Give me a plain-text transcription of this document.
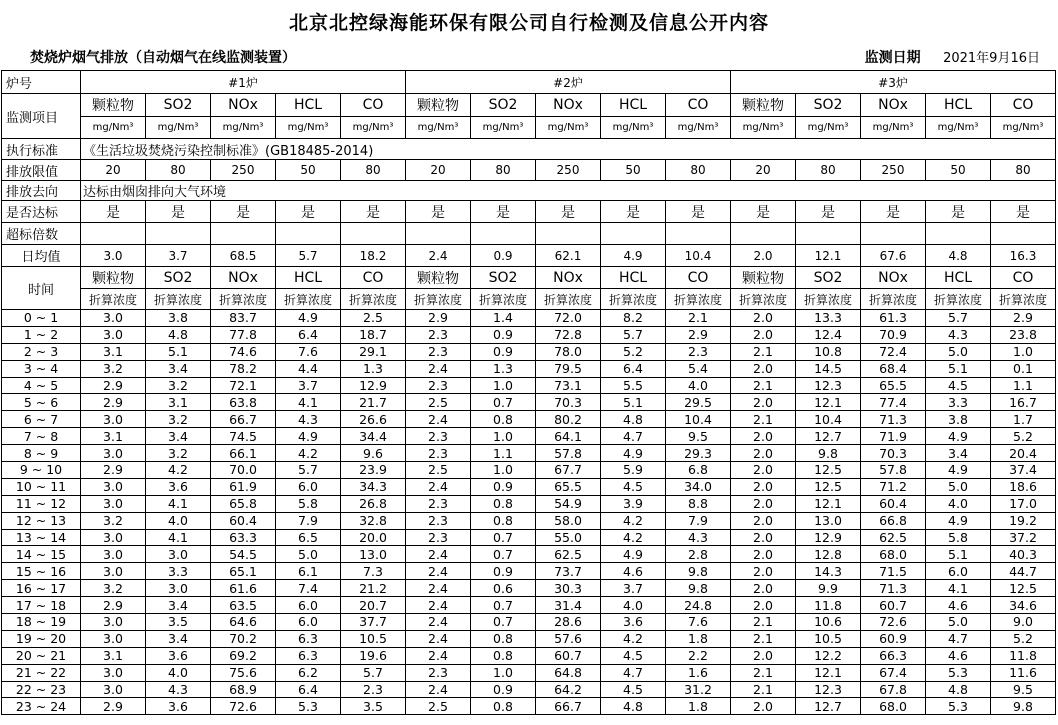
北京北控绿海能环保有限公司自行检测及信息公开内容
焚烧炉烟气排放（自动烟气在线监测装置）	监测日期 2021年9月16日
炉号	#1炉					#2炉					#3炉				
监测项目	颗粒物	SO2	NOx	HCL	CO	颗粒物	SO2	NOx	HCL	CO	颗粒物	SO2	NOx	HCL	CO
	mg/Nm³	mg/Nm³	mg/Nm³	mg/Nm³	mg/Nm³	mg/Nm³	mg/Nm³	mg/Nm³	mg/Nm³	mg/Nm³	mg/Nm³	mg/Nm³	mg/Nm³	mg/Nm³	mg/Nm³
执行标准	《生活垃圾焚烧污染控制标准》(GB18485-2014)														
排放限值	20	80	250	50	80	20	80	250	50	80	20	80	250	50	80
排放去向	达标由烟囱排向大气环境														
是否达标	是	是	是	是	是	是	是	是	是	是	是	是	是	是	是
超标倍数															
日均值	3.0	3.7	68.5	5.7	18.2	2.4	0.9	62.1	4.9	10.4	2.0	12.1	67.6	4.8	16.3
时间	颗粒物	SO2	NOx	HCL	CO	颗粒物	SO2	NOx	HCL	CO	颗粒物	SO2	NOx	HCL	CO
	折算浓度	折算浓度	折算浓度	折算浓度	折算浓度	折算浓度	折算浓度	折算浓度	折算浓度	折算浓度	折算浓度	折算浓度	折算浓度	折算浓度	折算浓度
0 ~ 1	3.0	3.8	83.7	4.9	2.5	2.9	1.4	72.0	8.2	2.1	2.0	13.3	61.3	5.7	2.9
1 ~ 2	3.0	4.8	77.8	6.4	18.7	2.3	0.9	72.8	5.7	2.9	2.0	12.4	70.9	4.3	23.8
2 ~ 3	3.1	5.1	74.6	7.6	29.1	2.3	0.9	78.0	5.2	2.3	2.1	10.8	72.4	5.0	1.0
3 ~ 4	3.2	3.4	78.2	4.4	1.3	2.4	1.3	79.5	6.4	5.4	2.0	14.5	68.4	5.1	0.1
4 ~ 5	2.9	3.2	72.1	3.7	12.9	2.3	1.0	73.1	5.5	4.0	2.1	12.3	65.5	4.5	1.1
5 ~ 6	2.9	3.1	63.8	4.1	21.7	2.5	0.7	70.3	5.1	29.5	2.0	12.1	77.4	3.3	16.7
6 ~ 7	3.0	3.2	66.7	4.3	26.6	2.4	0.8	80.2	4.8	10.4	2.1	10.4	71.3	3.8	1.7
7 ~ 8	3.1	3.4	74.5	4.9	34.4	2.3	1.0	64.1	4.7	9.5	2.0	12.7	71.9	4.9	5.2
8 ~ 9	3.0	3.2	66.1	4.2	9.6	2.3	1.1	57.8	4.9	29.3	2.0	9.8	70.3	3.4	20.4
9 ~ 10	2.9	4.2	70.0	5.7	23.9	2.5	1.0	67.7	5.9	6.8	2.0	12.5	57.8	4.9	37.4
10 ~ 11	3.0	3.6	61.9	6.0	34.3	2.4	0.9	65.5	4.5	34.0	2.0	12.5	71.2	5.0	18.6
11 ~ 12	3.0	4.1	65.8	5.8	26.8	2.3	0.8	54.9	3.9	8.8	2.0	12.1	60.4	4.0	17.0
12 ~ 13	3.2	4.0	60.4	7.9	32.8	2.3	0.8	58.0	4.2	7.9	2.0	13.0	66.8	4.9	19.2
13 ~ 14	3.0	4.1	63.3	6.5	20.0	2.3	0.7	55.0	4.2	4.3	2.0	12.9	62.5	5.8	37.2
14 ~ 15	3.0	3.0	54.5	5.0	13.0	2.4	0.7	62.5	4.9	2.8	2.0	12.8	68.0	5.1	40.3
15 ~ 16	3.0	3.3	65.1	6.1	7.3	2.4	0.9	73.7	4.6	9.8	2.0	14.3	71.5	6.0	44.7
16 ~ 17	3.2	3.0	61.6	7.4	21.2	2.4	0.6	30.3	3.7	9.8	2.0	9.9	71.3	4.1	12.5
17 ~ 18	2.9	3.4	63.5	6.0	20.7	2.4	0.7	31.4	4.0	24.8	2.0	11.8	60.7	4.6	34.6
18 ~ 19	3.0	3.5	64.6	6.0	37.7	2.4	0.7	28.6	3.6	7.6	2.1	10.6	72.6	5.0	9.0
19 ~ 20	3.0	3.4	70.2	6.3	10.5	2.4	0.8	57.6	4.2	1.8	2.1	10.5	60.9	4.7	5.2
20 ~ 21	3.1	3.6	69.2	6.3	19.6	2.4	0.8	60.7	4.5	2.2	2.0	12.2	66.3	4.6	11.8
21 ~ 22	3.0	4.0	75.6	6.2	5.7	2.3	1.0	64.8	4.7	1.6	2.1	12.1	67.4	5.3	11.6
22 ~ 23	3.0	4.3	68.9	6.4	2.3	2.4	0.9	64.2	4.5	31.2	2.1	12.3	67.8	4.8	9.5
23 ~ 24	2.9	3.6	72.6	5.3	3.5	2.5	0.8	66.7	4.8	1.8	2.0	12.7	68.0	5.3	9.8
